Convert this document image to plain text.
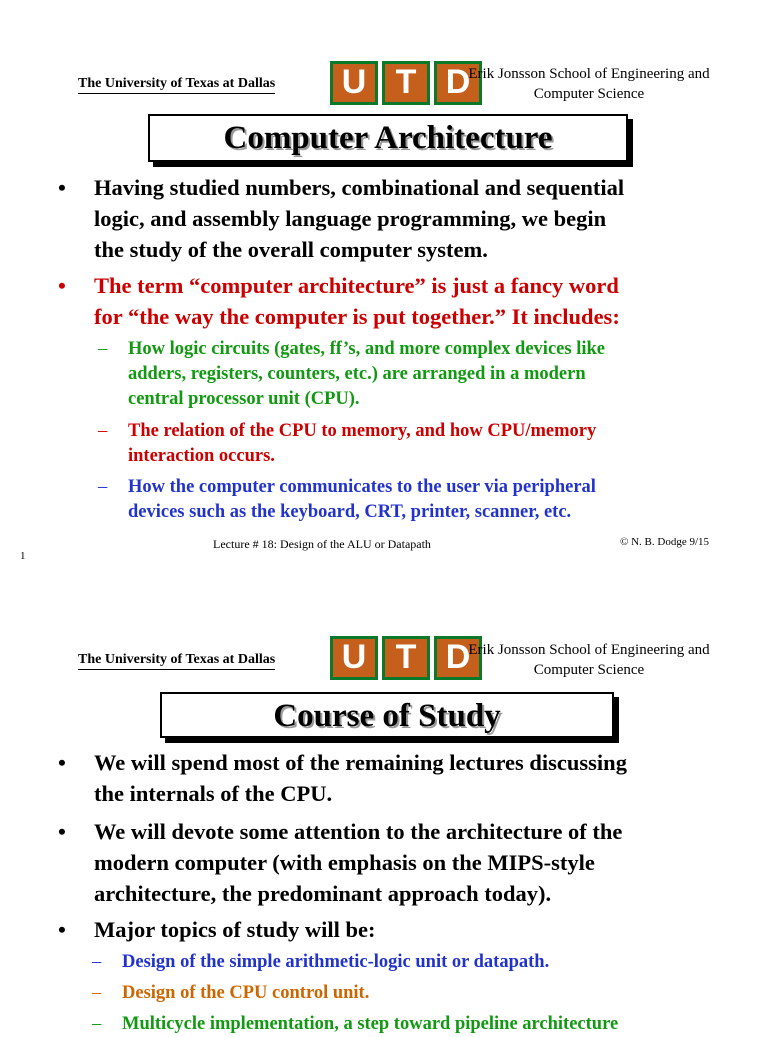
The University of Texas at Dallas	U T D
Erik Jonsson School of Engineering and
Computer Science
Computer Architecture
• Having studied numbers, combinational and sequential
logic, and assembly language programming, we begin
the study of the overall computer system.
• The term “computer architecture” is just a fancy word
for “the way the computer is put together.” It includes:
– How logic circuits (gates, ff’s, and more complex devices like
adders, registers, counters, etc.) are arranged in a modern
central processor unit (CPU).
– The relation of the CPU to memory, and how CPU/memory
interaction occurs.
– How the computer communicates to the user via peripheral
devices such as the keyboard, CRT, printer, scanner, etc.
Lecture # 18: Design of the ALU or Datapath	© N. B. Dodge 9/15
1
The University of Texas at Dallas	U T D
Erik Jonsson School of Engineering and
Computer Science
Course of Study
• We will spend most of the remaining lectures discussing
the internals of the CPU.
• We will devote some attention to the architecture of the
modern computer (with emphasis on the MIPS-style
architecture, the predominant approach today).
• Major topics of study will be:
– Design of the simple arithmetic-logic unit or datapath.
– Design of the CPU control unit.
– Multicycle implementation, a step toward pipeline architecture
